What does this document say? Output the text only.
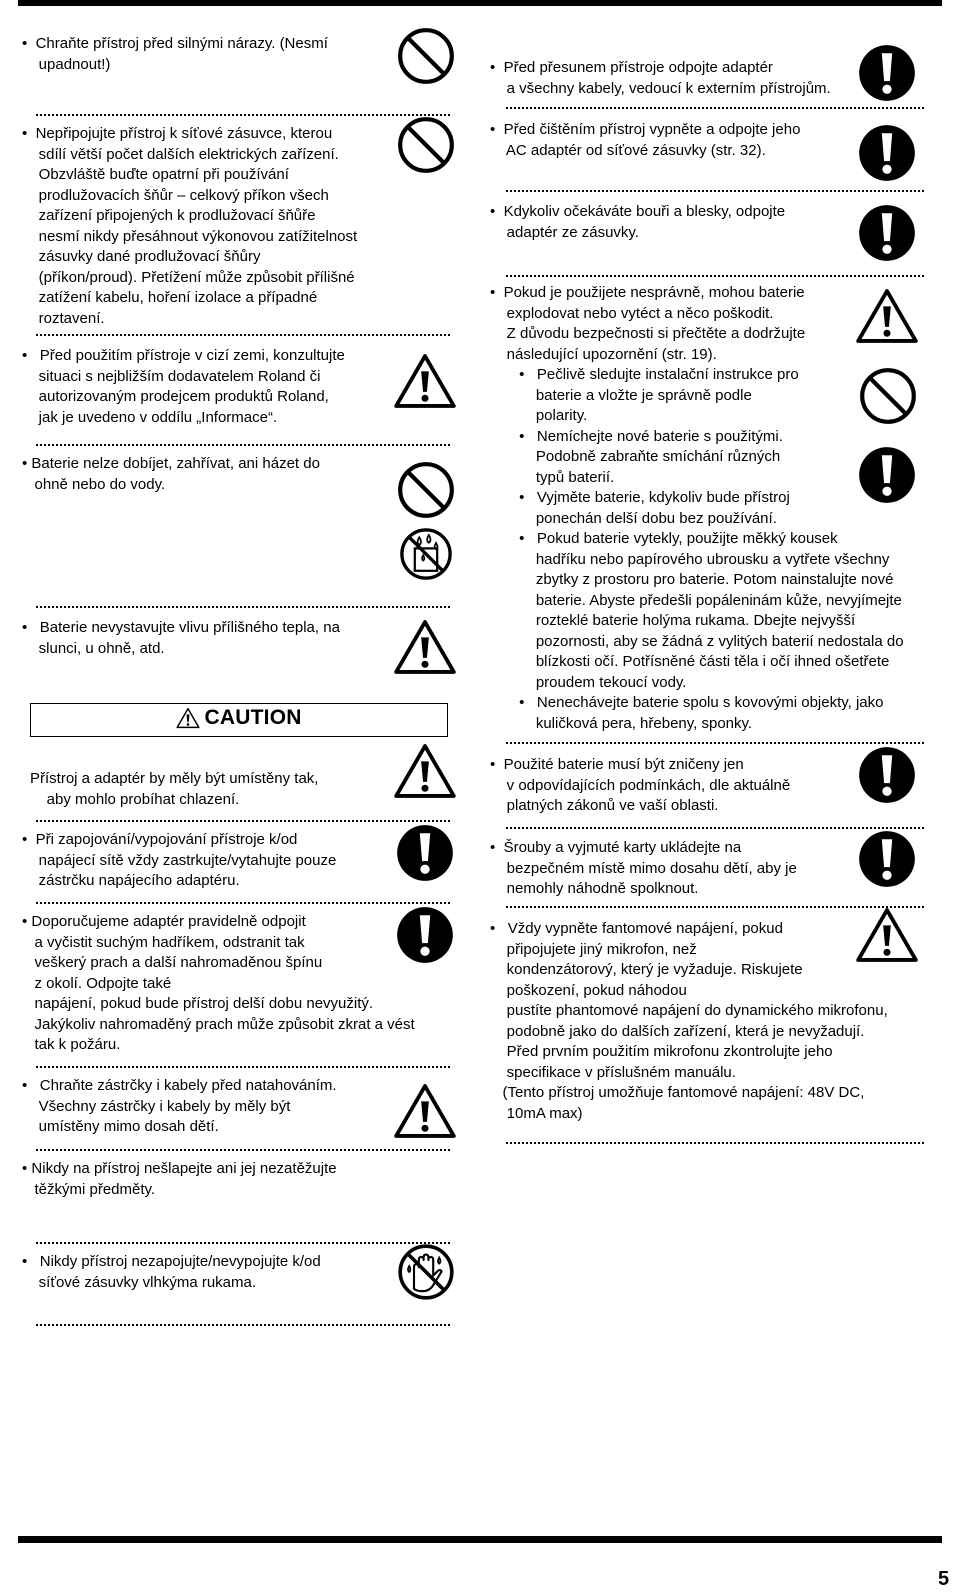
•  Chraňte přístroj před silnými nárazy. (Nesmí
upadnout!)
•  Nepřipojujte přístroj k síťové zásuvce, kterou
sdílí větší počet dalších elektrických zařízení.
Obzvláště buďte opatrní při používání
prodlužovacích šňůr – celkový příkon všech
zařízení připojených k prodlužovací šňůře
nesmí nikdy přesáhnout výkonovou zatížitelnost
zásuvky dané prodlužovací šňůry
(příkon/proud). Přetížení může způsobit přílišné
zatížení kabelu, hoření izolace a případné
roztavení.
•   Před použitím přístroje v cizí zemi, konzultujte
situaci s nejbližším dodavatelem Roland či
autorizovaným prodejcem produktů Roland,
jak je uvedeno v oddílu „Informace“.
• Baterie nelze dobíjet, zahřívat, ani házet do
ohně nebo do vody.
•   Baterie nevystavujte vlivu přílišného tepla, na
slunci, u ohně, atd.
CAUTION
Přístroj a adaptér by měly být umístěny tak,
aby mohlo probíhat chlazení.
•  Při zapojování/vypojování přístroje k/od
napájecí sítě vždy zastrkujte/vytahujte pouze
zástrčku napájecího adaptéru.
• Doporučujeme adaptér pravidelně odpojit
a vyčistit suchým hadříkem, odstranit tak
veškerý prach a další nahromaděnou špínu
z okolí. Odpojte také
napájení, pokud bude přístroj delší dobu nevyužitý.
Jakýkoliv nahromaděný prach může způsobit zkrat a vést
tak k požáru.
•   Chraňte zástrčky i kabely před natahováním.
Všechny zástrčky i kabely by měly být
umístěny mimo dosah dětí.
• Nikdy na přístroj nešlapejte ani jej nezatěžujte
těžkými předměty.
•   Nikdy přístroj nezapojujte/nevypojujte k/od
síťové zásuvky vlhkýma rukama.
•  Před přesunem přístroje odpojte adaptér
a všechny kabely, vedoucí k externím přístrojům.
•  Před čištěním přístroj vypněte a odpojte jeho
AC adaptér od síťové zásuvky (str. 32).
•  Kdykoliv očekáváte bouři a blesky, odpojte
adaptér ze zásuvky.
•  Pokud je použijete nesprávně, mohou baterie
explodovat nebo vytéct a něco poškodit.
Z důvodu bezpečnosti si přečtěte a dodržujte
následující upozornění (str. 19).
•   Pečlivě sledujte instalační instrukce pro
baterie a vložte je správně podle
polarity.
•   Nemíchejte nové baterie s použitými.
Podobně zabraňte smíchání různých
typů baterií.
•   Vyjměte baterie, kdykoliv bude přístroj
ponechán delší dobu bez používání.
•   Pokud baterie vytekly, použijte měkký kousek
hadříku nebo papírového ubrousku a vytřete všechny
zbytky z prostoru pro baterie. Potom nainstalujte nové
baterie. Abyste předešli popáleninám kůže, nevyjímejte
rozteklé baterie holýma rukama. Dbejte nejvyšší
pozornosti, aby se žádná z vylitých baterií nedostala do
blízkosti očí. Potřísněné části těla i očí ihned ošetřete
proudem tekoucí vody.
•   Nenechávejte baterie spolu s kovovými objekty, jako
kuličková pera, hřebeny, sponky.
•  Použité baterie musí být zničeny jen
v odpovídajících podmínkách, dle aktuálně
platných zákonů ve vaší oblasti.
•  Šrouby a vyjmuté karty ukládejte na
bezpečném místě mimo dosahu dětí, aby je
nemohly náhodně spolknout.
•   Vždy vypněte fantomové napájení, pokud
připojujete jiný mikrofon, než
kondenzátorový, který je vyžaduje. Riskujete
poškození, pokud náhodou
pustíte phantomové napájení do dynamického mikrofonu,
podobně jako do dalších zařízení, která je nevyžadují.
Před prvním použitím mikrofonu zkontrolujte jeho
specifikace v příslušném manuálu.
(Tento přístroj umožňuje fantomové napájení: 48V DC,
10mA max)
5
